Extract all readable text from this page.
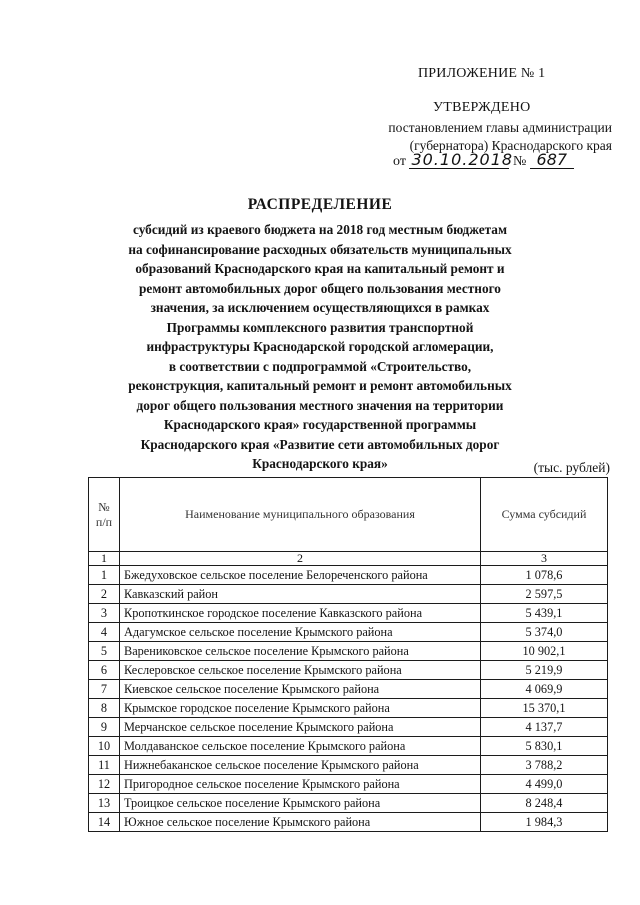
ПРИЛОЖЕНИЕ № 1
УТВЕРЖДЕНО
постановлением главы администрации
(губернатора) Краснодарского края
от 30.10.2018 № 687
РАСПРЕДЕЛЕНИЕ
субсидий из краевого бюджета на 2018 год местным бюджетам
на софинансирование расходных обязательств муниципальных
образований Краснодарского края на капитальный ремонт и
ремонт автомобильных дорог общего пользования местного
значения, за исключением осуществляющихся в рамках
Программы комплексного развития транспортной
инфраструктуры Краснодарской городской агломерации,
в соответствии с подпрограммой «Строительство,
реконструкция, капитальный ремонт и ремонт автомобильных
дорог общего пользования местного значения на территории
Краснодарского края» государственной программы
Краснодарского края «Развитие сети автомобильных дорог
Краснодарского края»	(тыс. рублей)
№ п/п	Наименование муниципального образования	Сумма субсидий
1	2	3
1	Бжедуховское сельское поселение Белореченского района	1 078,6
2	Кавказский район	2 597,5
3	Кропоткинское городское поселение Кавказского района	5 439,1
4	Адагумское сельское поселение Крымского района	5 374,0
5	Варениковское сельское поселение Крымского района	10 902,1
6	Кеслеровское сельское поселение Крымского района	5 219,9
7	Киевское сельское поселение Крымского района	4 069,9
8	Крымское городское поселение Крымского района	15 370,1
9	Мерчанское сельское поселение Крымского района	4 137,7
10	Молдаванское сельское поселение Крымского района	5 830,1
11	Нижнебаканское сельское поселение Крымского района	3 788,2
12	Пригородное сельское поселение Крымского района	4 499,0
13	Троицкое сельское поселение Крымского района	8 248,4
14	Южное сельское поселение Крымского района	1 984,3
